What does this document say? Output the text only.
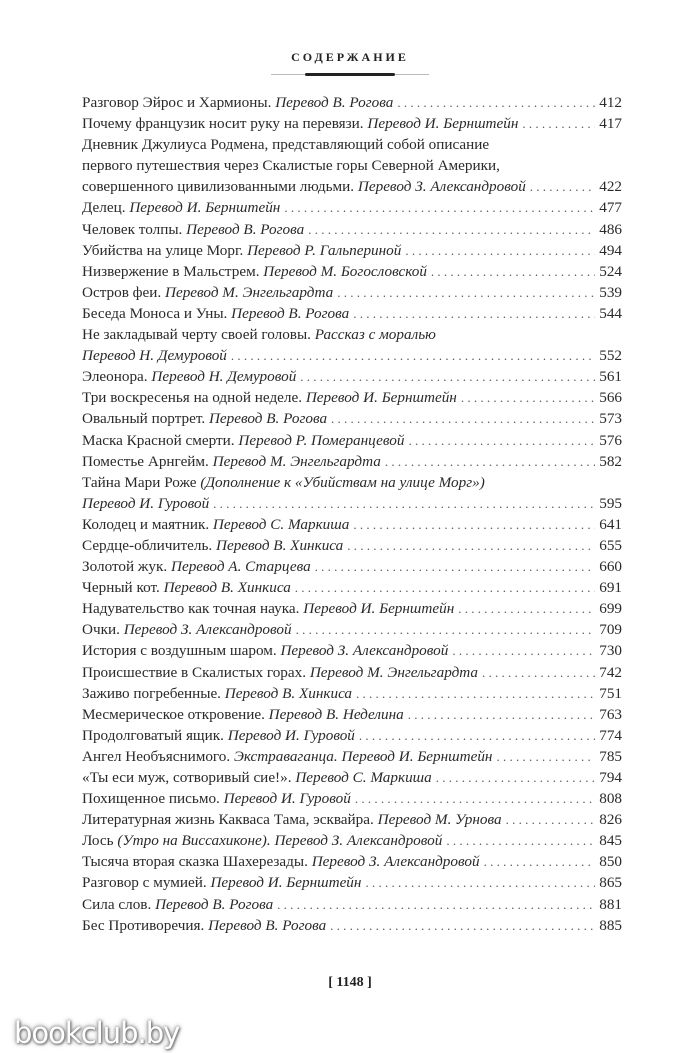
СОДЕРЖАНИЕ
Разговор Эйрос и Хармионы. Перевод В. Рогова . . .	412
Почему французик носит руку на перевязи. Перевод И. Бернштейн . . .	417
Дневник Джулиуса Родмена, представляющий собой описание
первого путешествия через Скалистые горы Северной Америки,
совершенного цивилизованными людьми. Перевод З. Александровой . . .	422
Делец. Перевод И. Бернштейн . . .	477
Человек толпы. Перевод В. Рогова . . .	486
Убийства на улице Морг. Перевод Р. Гальпериной . . .	494
Низвержение в Мальстрем. Перевод М. Богословской . . .	524
Остров феи. Перевод М. Энгельгардта . . .	539
Беседа Моноса и Уны. Перевод В. Рогова . . .	544
Не закладывай черту своей головы. Рассказ с моралью
Перевод Н. Демуровой . . .	552
Элеонора. Перевод Н. Демуровой . . .	561
Три воскресенья на одной неделе. Перевод И. Бернштейн . . .	566
Овальный портрет. Перевод В. Рогова . . .	573
Маска Красной смерти. Перевод Р. Померанцевой . . .	576
Поместье Арнгейм. Перевод М. Энгельгардта . . .	582
Тайна Мари Роже (Дополнение к «Убийствам на улице Морг»)
Перевод И. Гуровой . . .	595
Колодец и маятник. Перевод С. Маркиша . . .	641
Сердце-обличитель. Перевод В. Хинкиса . . .	655
Золотой жук. Перевод А. Старцева . . .	660
Черный кот. Перевод В. Хинкиса . . .	691
Надувательство как точная наука. Перевод И. Бернштейн . . .	699
Очки. Перевод З. Александровой . . .	709
История с воздушным шаром. Перевод З. Александровой . . .	730
Происшествие в Скалистых горах. Перевод М. Энгельгардта . . .	742
Заживо погребенные. Перевод В. Хинкиса . . .	751
Месмерическое откровение. Перевод В. Неделина . . .	763
Продолговатый ящик. Перевод И. Гуровой . . .	774
Ангел Необъяснимого. Экстраваганца. Перевод И. Бернштейн . . .	785
«Ты еси муж, сотворивый сие!». Перевод С. Маркиша . . .	794
Похищенное письмо. Перевод И. Гуровой . . .	808
Литературная жизнь Какваса Тама, эсквайра. Перевод М. Урнова . . .	826
Лось (Утро на Виссахиконе). Перевод З. Александровой . . .	845
Тысяча вторая сказка Шахерезады. Перевод З. Александровой . . .	850
Разговор с мумией. Перевод И. Бернштейн . . .	865
Сила слов. Перевод В. Рогова . . .	881
Бес Противоречия. Перевод В. Рогова . . .	885
[ 1148 ]
bookclub.by
